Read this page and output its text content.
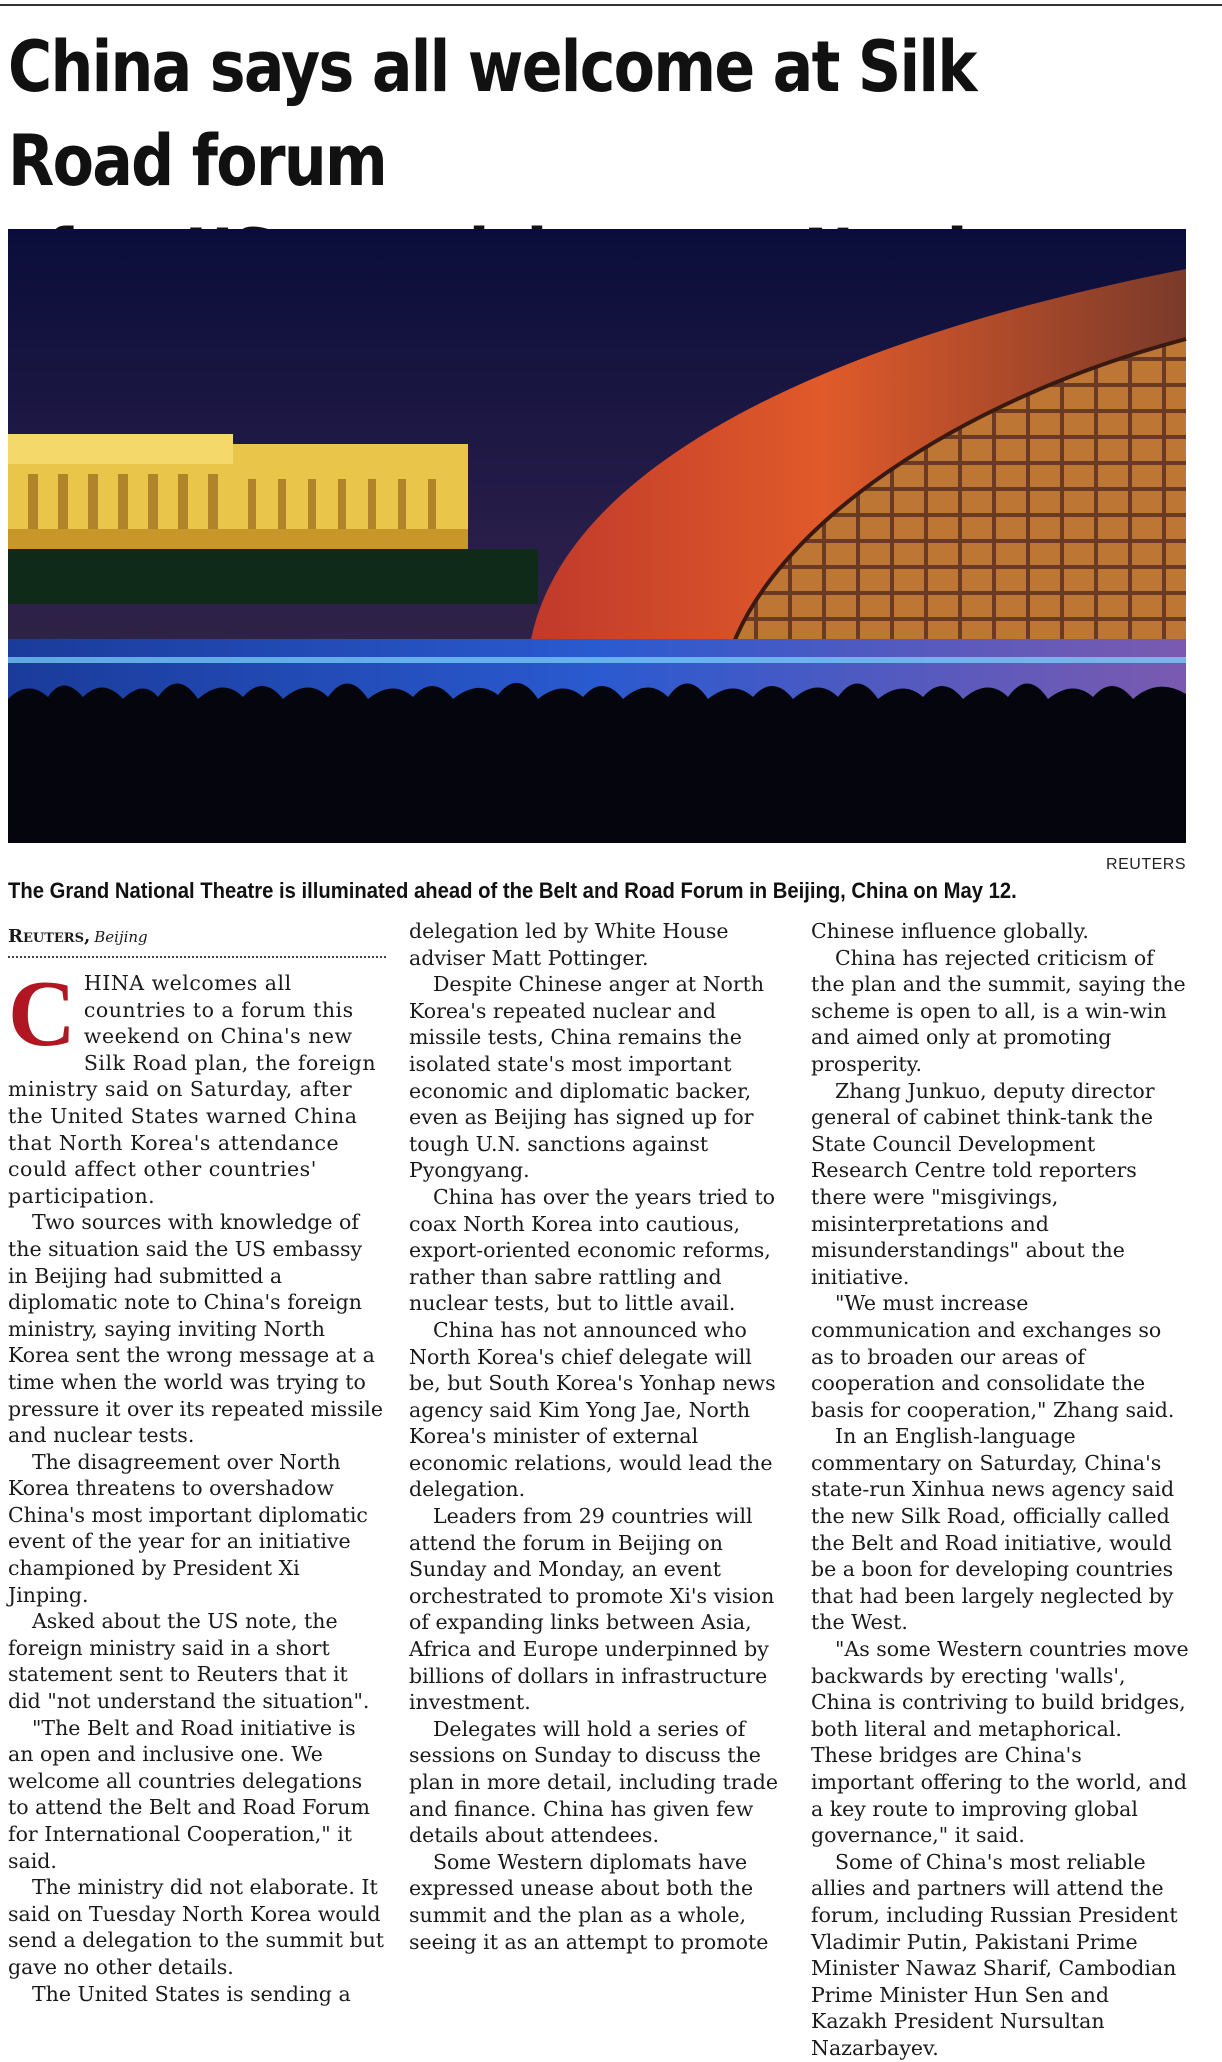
China says all welcome at Silk Road forum
REUTERS
The Grand National Theatre is illuminated ahead of the Belt and Road Forum in Beijing, China on May 12.
Reuters, Beijing

CHINA welcomes all countries to a forum this weekend on China's new Silk Road plan, the foreign ministry said on Saturday, after the United States warned China that North Korea's attendance could affect other countries' participation.

Two sources with knowledge of the situation said the US embassy in Beijing had submitted a diplomatic note to China's foreign ministry, saying inviting North Korea sent the wrong message at a time when the world was trying to pressure it over its repeated missile and nuclear tests.

The disagreement over North Korea threatens to overshadow China's most important diplomatic event of the year for an initiative championed by President Xi Jinping.

Asked about the US note, the foreign ministry said in a short statement sent to Reuters that it did "not understand the situation".

"The Belt and Road initiative is an open and inclusive one. We welcome all countries delegations to attend the Belt and Road Forum for International Cooperation," it said.

The ministry did not elaborate. It said on Tuesday North Korea would send a delegation to the summit but gave no other details.

The United States is sending a

delegation led by White House adviser Matt Pottinger.

Despite Chinese anger at North Korea's repeated nuclear and missile tests, China remains the isolated state's most important economic and diplomatic backer, even as Beijing has signed up for tough U.N. sanctions against Pyongyang.

China has over the years tried to coax North Korea into cautious, export-oriented economic reforms, rather than sabre rattling and nuclear tests, but to little avail.

China has not announced who North Korea's chief delegate will be, but South Korea's Yonhap news agency said Kim Yong Jae, North Korea's minister of external economic relations, would lead the delegation.

Leaders from 29 countries will attend the forum in Beijing on Sunday and Monday, an event orchestrated to promote Xi's vision of expanding links between Asia, Africa and Europe underpinned by billions of dollars in infrastructure investment.

Delegates will hold a series of sessions on Sunday to discuss the plan in more detail, including trade and finance. China has given few details about attendees.

Some Western diplomats have expressed unease about both the summit and the plan as a whole, seeing it as an attempt to promote

Chinese influence globally.

China has rejected criticism of the plan and the summit, saying the scheme is open to all, is a win-win and aimed only at promoting prosperity.

Zhang Junkuo, deputy director general of cabinet think-tank the State Council Development Research Centre told reporters there were "misgivings, misinterpretations and misunderstandings" about the initiative.

"We must increase communication and exchanges so as to broaden our areas of cooperation and consolidate the basis for cooperation," Zhang said.

In an English-language commentary on Saturday, China's state-run Xinhua news agency said the new Silk Road, officially called the Belt and Road initiative, would be a boon for developing countries that had been largely neglected by the West.

"As some Western countries move backwards by erecting 'walls', China is contriving to build bridges, both literal and metaphorical. These bridges are China's important offering to the world, and a key route to improving global governance," it said.

Some of China's most reliable allies and partners will attend the forum, including Russian President Vladimir Putin, Pakistani Prime Minister Nawaz Sharif, Cambodian Prime Minister Hun Sen and Kazakh President Nursultan Nazarbayev.
